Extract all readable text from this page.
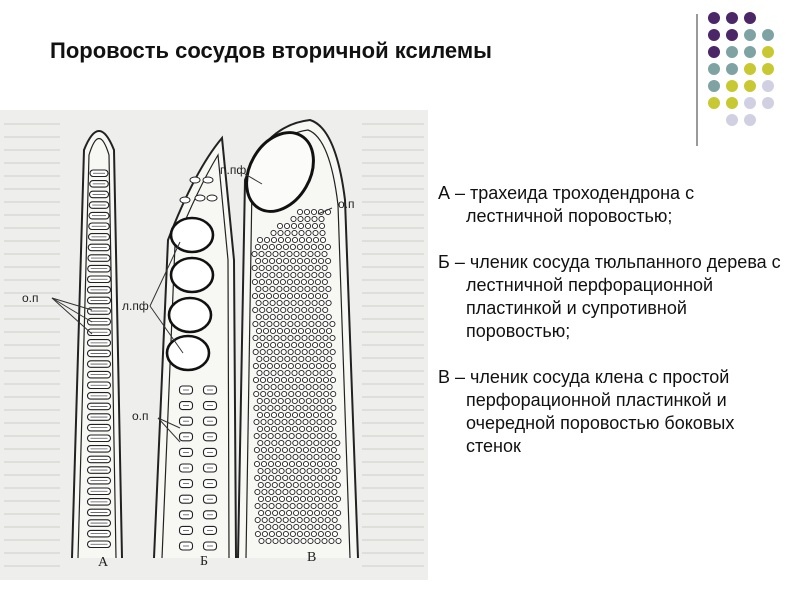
Поровость сосудов вторичной ксилемы
о.п
л.пф
о.п
п.пф
о.п
А	Б	В

А – трахеида троходендрона с лестничной поровостью;

Б – членик сосуда тюльпанного дерева с лестничной перфорационной пластинкой и супротивной поровостью;

В – членик сосуда клена с простой перфорационной пластинкой и очередной поровостью боковых стенок
